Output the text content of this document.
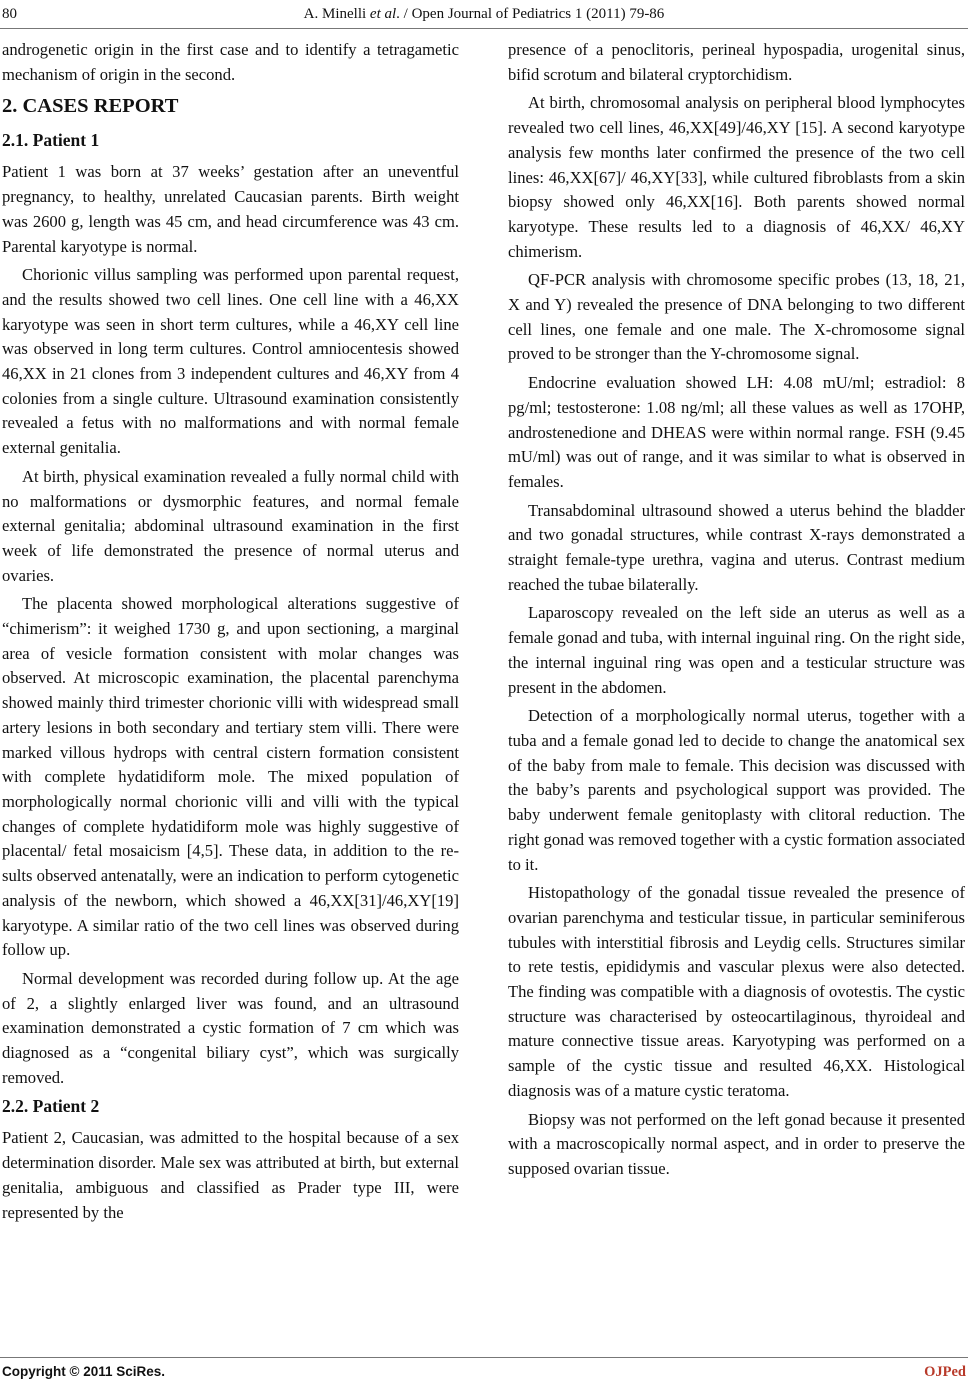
80	A. Minelli et al. / Open Journal of Pediatrics 1 (2011) 79-86

androgenetic origin in the first case and to identify a tetragametic mechanism of origin in the second.

2. CASES REPORT
2.1. Patient 1

Patient 1 was born at 37 weeks’ gestation after an uneventful pregnancy, to healthy, unrelated Caucasian parents. Birth weight was 2600 g, length was 45 cm, and head circumference was 43 cm. Parental karyotype is normal.

Chorionic villus sampling was performed upon parental request, and the results showed two cell lines. One cell line with a 46,XX karyotype was seen in short term cultures, while a 46,XY cell line was observed in long term cultures. Control amniocentesis showed 46,XX in 21 clones from 3 independent cultures and 46,XY from 4 colonies from a single culture. Ultrasound examination consistently revealed a fetus with no malformations and with normal female external genitalia.

At birth, physical examination revealed a fully normal child with no malformations or dysmorphic features, and normal female external genitalia; abdominal ultrasound examination in the first week of life demonstrated the presence of normal uterus and ovaries.

The placenta showed morphological alterations suggestive of “chimerism”: it weighed 1730 g, and upon sectioning, a marginal area of vesicle formation consistent with molar changes was observed. At microscopic examination, the placental parenchyma showed mainly third trimester chorionic villi with widespread small artery lesions in both secondary and tertiary stem villi. There were marked villous hydrops with central cistern formation consistent with complete hydatidiform mole. The mixed population of morphologically normal chorionic villi and villi with the typical changes of complete hydatidiform mole was highly suggestive of placental/ fetal mosaicism [4,5]. These data, in addition to the results observed antenatally, were an indication to perform cytogenetic analysis of the newborn, which showed a 46,XX[31]/46,XY[19] karyotype. A similar ratio of the two cell lines was observed during follow up.

Normal development was recorded during follow up. At the age of 2, a slightly enlarged liver was found, and an ultrasound examination demonstrated a cystic formation of 7 cm which was diagnosed as a “congenital biliary cyst”, which was surgically removed.

2.2. Patient 2

Patient 2, Caucasian, was admitted to the hospital because of a sex determination disorder. Male sex was attributed at birth, but external genitalia, ambiguous and classified as Prader type III, were represented by the

presence of a penoclitoris, perineal hypospadia, urogenital sinus, bifid scrotum and bilateral cryptorchidism.

At birth, chromosomal analysis on peripheral blood lymphocytes revealed two cell lines, 46,XX[49]/46,XY [15]. A second karyotype analysis few months later confirmed the presence of the two cell lines: 46,XX[67]/ 46,XY[33], while cultured fibroblasts from a skin biopsy showed only 46,XX[16]. Both parents showed normal karyotype. These results led to a diagnosis of 46,XX/ 46,XY chimerism.

QF-PCR analysis with chromosome specific probes (13, 18, 21, X and Y) revealed the presence of DNA belonging to two different cell lines, one female and one male. The X-chromosome signal proved to be stronger than the Y-chromosome signal.

Endocrine evaluation showed LH: 4.08 mU/ml; estradiol: 8 pg/ml; testosterone: 1.08 ng/ml; all these values as well as 17OHP, androstenedione and DHEAS were within normal range. FSH (9.45 mU/ml) was out of range, and it was similar to what is observed in females.

Transabdominal ultrasound showed a uterus behind the bladder and two gonadal structures, while contrast X-rays demonstrated a straight female-type urethra, vagina and uterus. Contrast medium reached the tubae bilaterally.

Laparoscopy revealed on the left side an uterus as well as a female gonad and tuba, with internal inguinal ring. On the right side, the internal inguinal ring was open and a testicular structure was present in the abdomen.

Detection of a morphologically normal uterus, together with a tuba and a female gonad led to decide to change the anatomical sex of the baby from male to female. This decision was discussed with the baby’s parents and psychological support was provided. The baby underwent female genitoplasty with clitoral reduction. The right gonad was removed together with a cystic formation associated to it.

Histopathology of the gonadal tissue revealed the presence of ovarian parenchyma and testicular tissue, in particular seminiferous tubules with interstitial fibrosis and Leydig cells. Structures similar to rete testis, epididymis and vascular plexus were also detected. The finding was compatible with a diagnosis of ovotestis. The cystic structure was characterised by osteocartilaginous, thyroideal and mature connective tissue areas. Karyotyping was performed on a sample of the cystic tissue and resulted 46,XX. Histological diagnosis was of a mature cystic teratoma.

Biopsy was not performed on the left gonad because it presented with a macroscopically normal aspect, and in order to preserve the supposed ovarian tissue.

Copyright © 2011 SciRes.	OJPed
